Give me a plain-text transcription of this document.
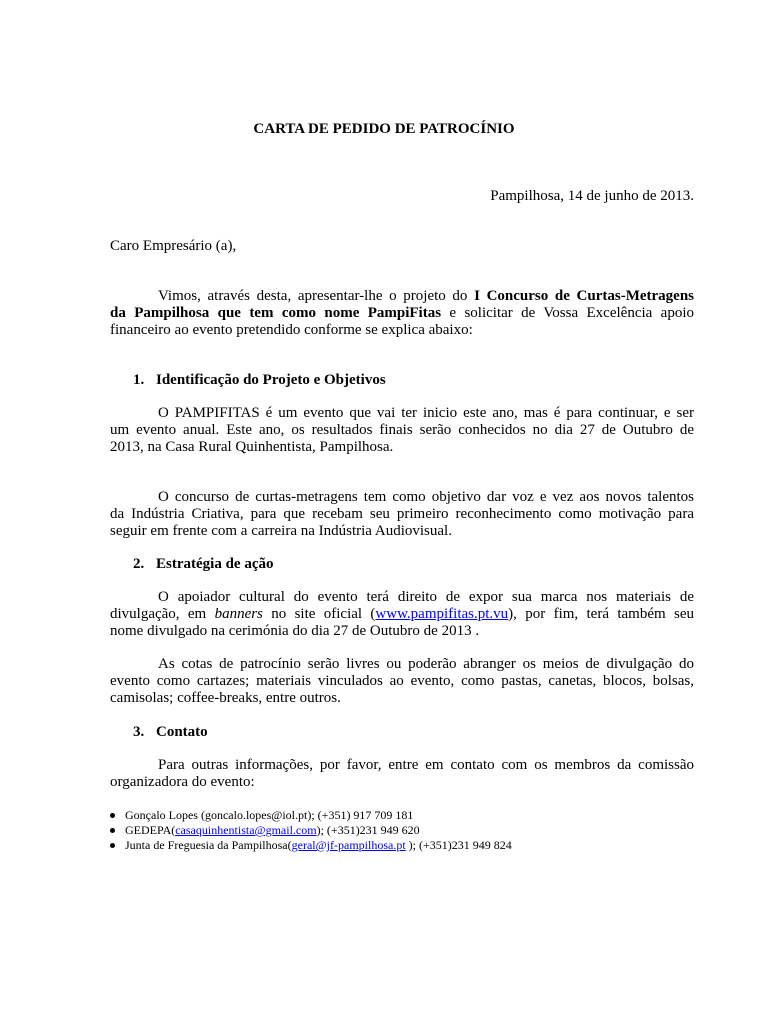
CARTA DE PEDIDO DE PATROCÍNIO
Pampilhosa, 14 de junho de 2013.
Caro Empresário (a),
Vimos, através desta, apresentar-lhe o projeto do I Concurso de Curtas-Metragens
da Pampilhosa que tem como nome PampiFitas e solicitar de Vossa Excelência apoio
financeiro ao evento pretendido conforme se explica abaixo:
1. Identificação do Projeto e Objetivos
O PAMPIFITAS é um evento que vai ter inicio este ano, mas é para continuar, e ser
um evento anual. Este ano, os resultados finais serão conhecidos no dia 27 de Outubro de
2013, na Casa Rural Quinhentista, Pampilhosa.
O concurso de curtas-metragens tem como objetivo dar voz e vez aos novos talentos
da Indústria Criativa, para que recebam seu primeiro reconhecimento como motivação para
seguir em frente com a carreira na Indústria Audiovisual.
2. Estratégia de ação
O apoiador cultural do evento terá direito de expor sua marca nos materiais de
divulgação, em banners no site oficial (www.pampifitas.pt.vu), por fim, terá também seu
nome divulgado na cerimónia do dia 27 de Outubro de 2013 .
As cotas de patrocínio serão livres ou poderão abranger os meios de divulgação do
evento como cartazes; materiais vinculados ao evento, como pastas, canetas, blocos, bolsas,
camisolas; coffee-breaks, entre outros.
3. Contato
Para outras informações, por favor, entre em contato com os membros da comissão
organizadora do evento:
Gonçalo Lopes (goncalo.lopes@iol.pt); (+351) 917 709 181
GEDEPA(casaquinhentista@gmail.com); (+351)231 949 620
Junta de Freguesia da Pampilhosa(geral@jf-pampilhosa.pt ); (+351)231 949 824
